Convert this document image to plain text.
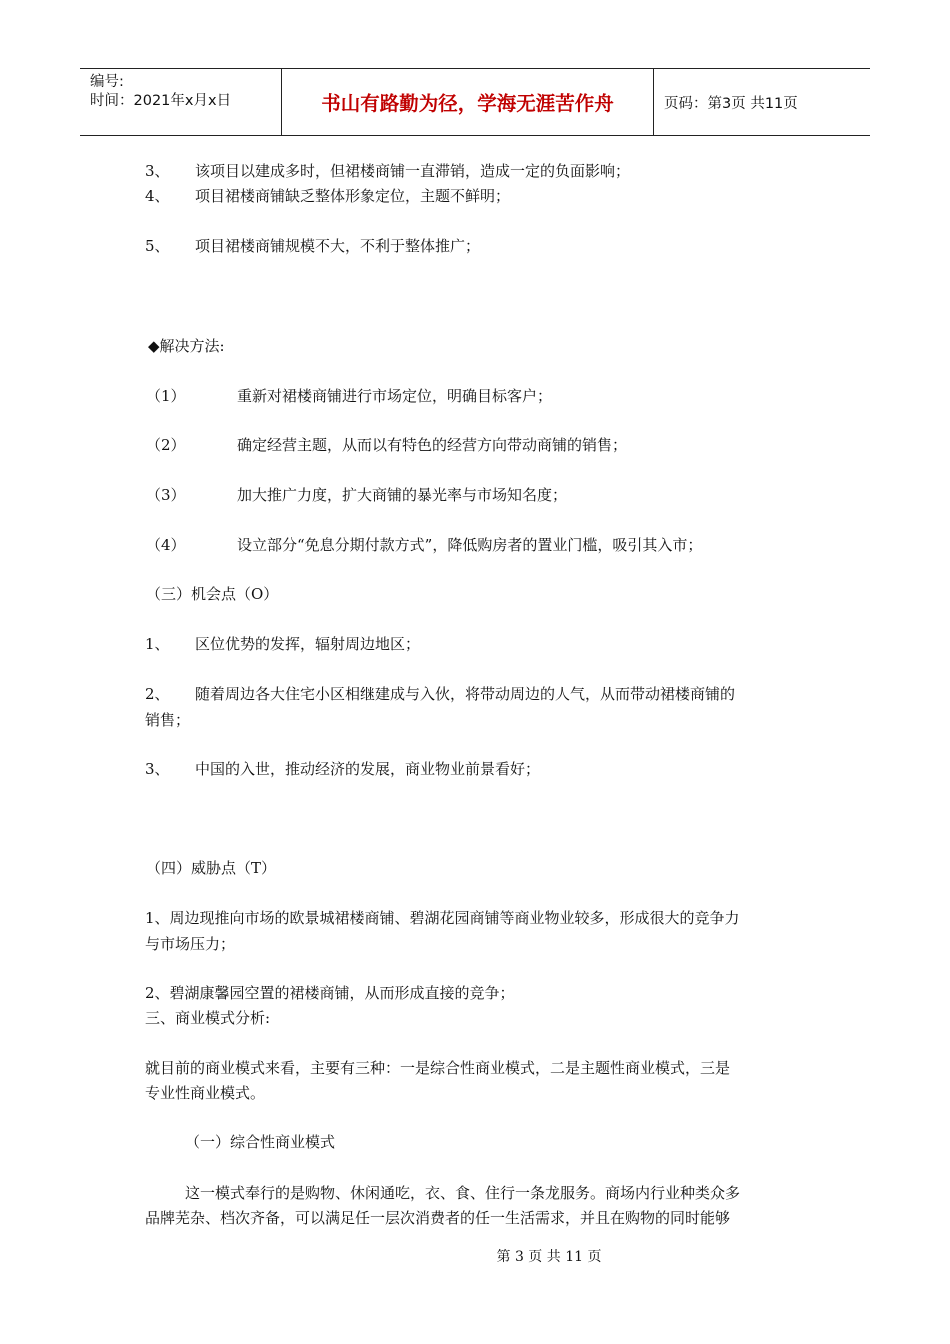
编号:
时间：2021年x月x日	书山有路勤为径，学海无涯苦作舟	页码：第3页 共11页
3、 该项目以建成多时，但裙楼商铺一直滞销，造成一定的负面影响；
4、 项目裙楼商铺缺乏整体形象定位，主题不鲜明；
5、 项目裙楼商铺规模不大，不利于整体推广；
◆解决方法:
（1）	重新对裙楼商铺进行市场定位，明确目标客户；
（2）	确定经营主题，从而以有特色的经营方向带动商铺的销售；
（3）	加大推广力度，扩大商铺的暴光率与市场知名度；
（4）	设立部分“免息分期付款方式”，降低购房者的置业门槛，吸引其入市；
（三）机会点（O）
1、 区位优势的发挥，辐射周边地区；
2、 随着周边各大住宅小区相继建成与入伙，将带动周边的人气，从而带动裙楼商铺的
销售；
3、 中国的入世，推动经济的发展，商业物业前景看好；
（四）威胁点（T）
1、周边现推向市场的欧景城裙楼商铺、碧湖花园商铺等商业物业较多，形成很大的竞争力
与市场压力；
2、碧湖康馨园空置的裙楼商铺，从而形成直接的竞争；
三、商业模式分析:
就目前的商业模式来看，主要有三种：一是综合性商业模式，二是主题性商业模式，三是
专业性商业模式。
（一）综合性商业模式
这一模式奉行的是购物、休闲通吃，衣、食、住行一条龙服务。商场内行业种类众多
品牌芜杂、档次齐备，可以满足任一层次消费者的任一生活需求，并且在购物的同时能够
第 3 页 共 11 页
